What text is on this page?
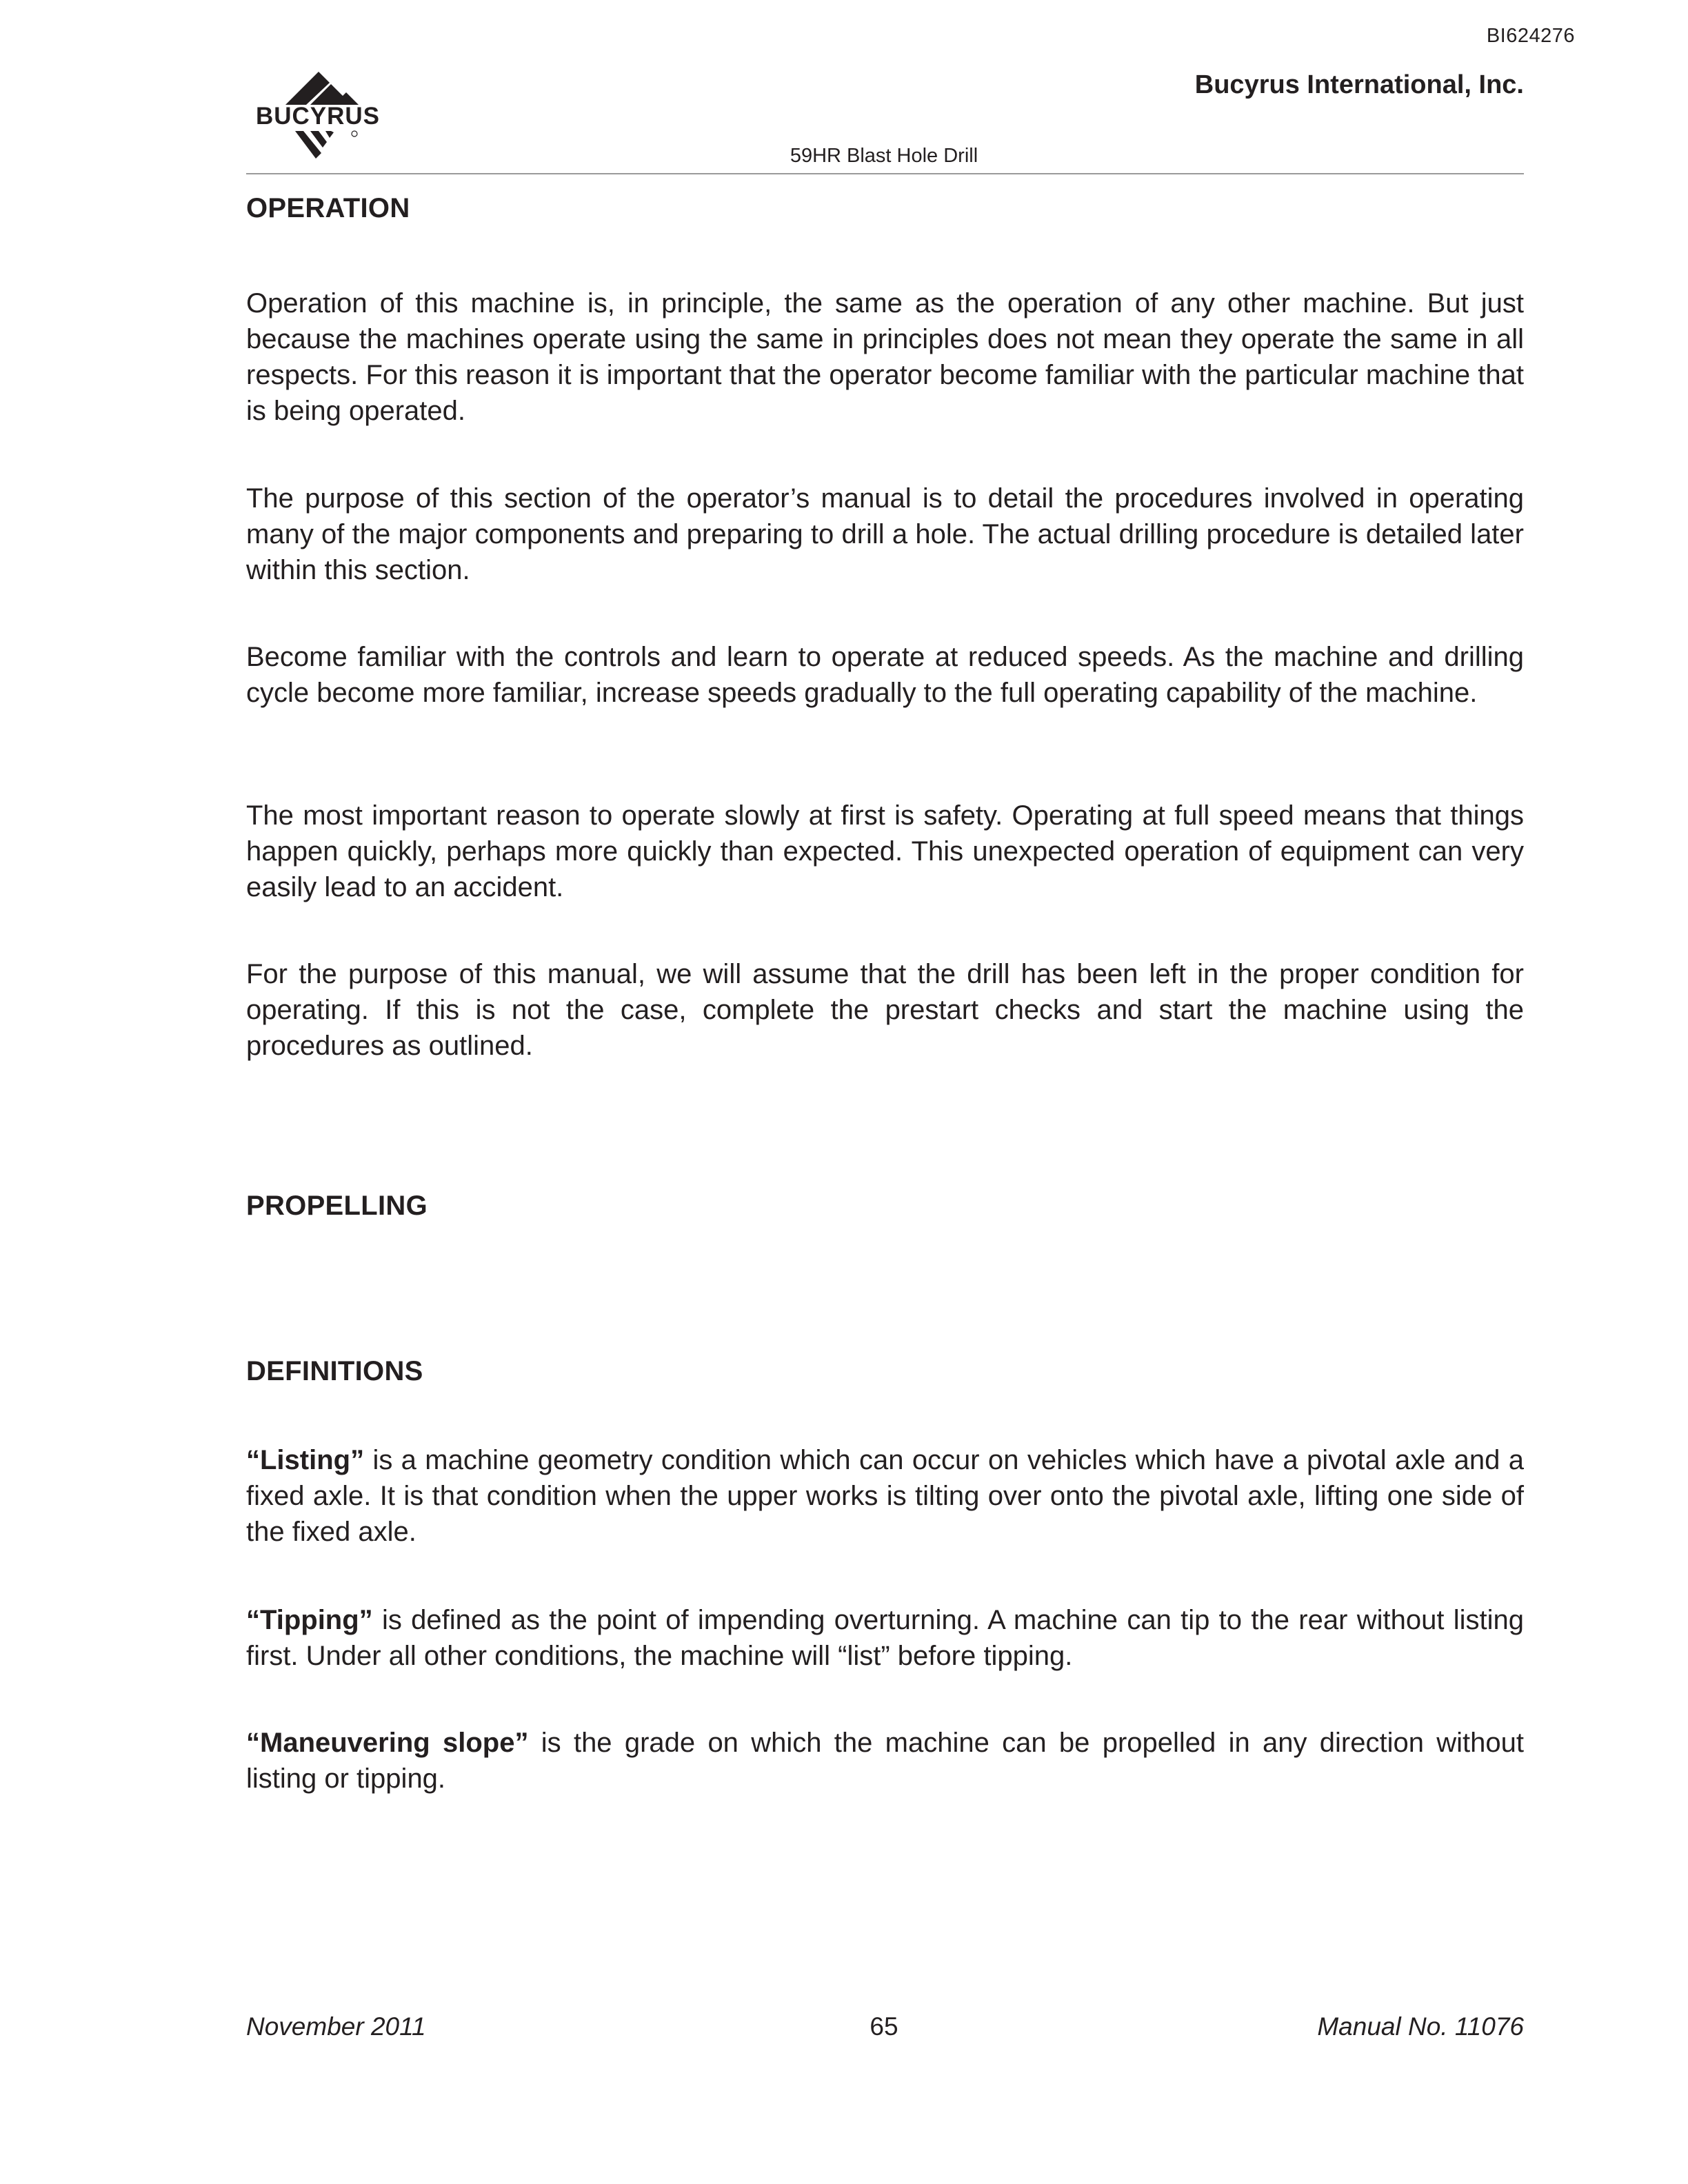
BI624276
BUCYRUS
Bucyrus International, Inc.
59HR Blast Hole Drill
OPERATION
Operation of this machine is, in principle, the same as the operation of any other machine. But just because the machines operate using the same in principles does not mean they operate the same in all respects. For this reason it is important that the operator become familiar with the particular machine that is being operated.
The purpose of this section of the operator’s manual is to detail the procedures involved in operating many of the major components and preparing to drill a hole. The actual drilling procedure is detailed later within this section.
Become familiar with the controls and learn to operate at reduced speeds. As the machine and drilling cycle become more familiar, increase speeds gradually to the full operating capability of the machine.
The most important reason to operate slowly at first is safety. Operating at full speed means that things happen quickly, perhaps more quickly than expected. This unexpected operation of equipment can very easily lead to an accident.
For the purpose of this manual, we will assume that the drill has been left in the proper condition for operating. If this is not the case, complete the prestart checks and start the machine using the procedures as outlined.
PROPELLING
DEFINITIONS
“Listing” is a machine geometry condition which can occur on vehicles which have a pivotal axle and a fixed axle. It is that condition when the upper works is tilting over onto the pivotal axle, lifting one side of the fixed axle.
“Tipping” is defined as the point of impending overturning. A machine can tip to the rear without listing first. Under all other conditions, the machine will “list” before tipping.
“Maneuvering slope” is the grade on which the machine can be propelled in any direction without listing or tipping.
November 2011	65	Manual No. 11076
